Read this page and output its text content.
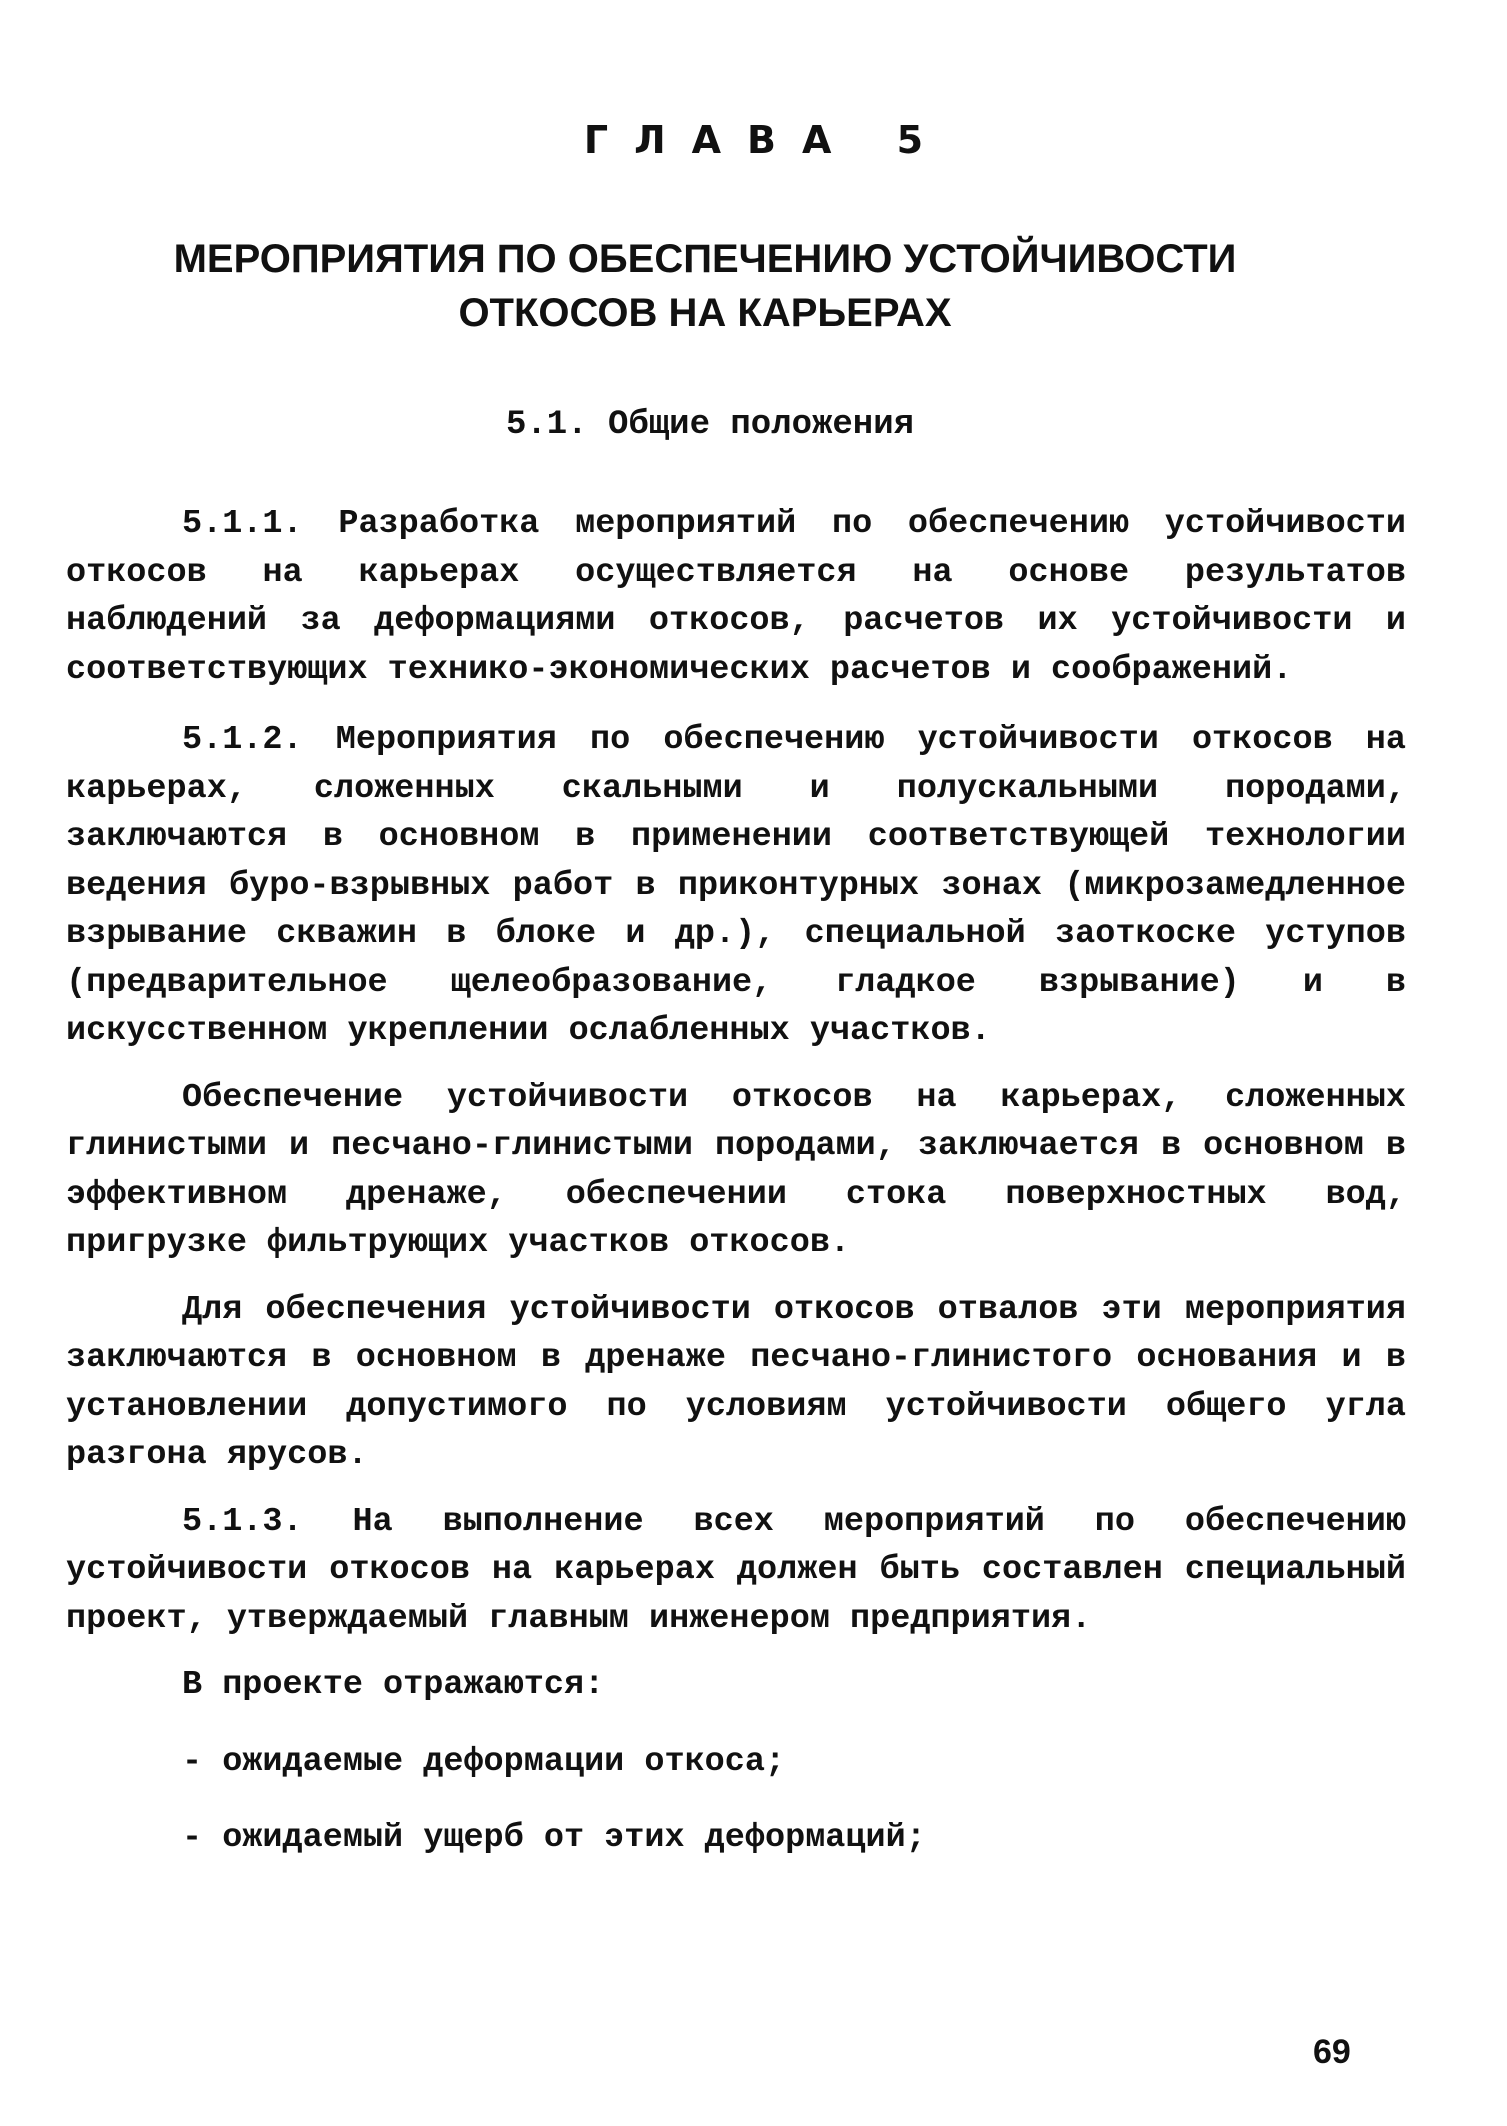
ГЛАВА 5
МЕРОПРИЯТИЯ ПО ОБЕСПЕЧЕНИЮ УСТОЙЧИВОСТИ
ОТКОСОВ НА КАРЬЕРАХ
5.1. Общие положения

5.1.1. Разработка мероприятий по обеспечению устойчивости откосов на карьерах осуществляется на основе результатов наблюдений за деформациями откосов, расчетов их устойчивости и соответствующих технико-экономических расчетов и соображений.

5.1.2. Мероприятия по обеспечению устойчивости откосов на карьерах, сложенных скальными и полускальными породами, заключаются в основном в применении соответствующей технологии ведения буро-взрывных работ в приконтурных зонах (микрозамедленное взрывание скважин в блоке и др.), специальной заоткоске уступов (предварительное щелеобразование, гладкое взрывание) и в искусственном укреплении ослабленных участков.

Обеспечение устойчивости откосов на карьерах, сложенных глинистыми и песчано-глинистыми породами, заключается в основном в эффективном дренаже, обеспечении стока поверхностных вод, пригрузке фильтрующих участков откосов.

Для обеспечения устойчивости откосов отвалов эти мероприятия заключаются в основном в дренаже песчано-глинистого основания и в установлении допустимого по условиям устойчивости общего угла разгона ярусов.

5.1.3. На выполнение всех мероприятий по обеспечению устойчивости откосов на карьерах должен быть составлен специальный проект, утверждаемый главным инженером предприятия.

В проекте отражаются:

- ожидаемые деформации откоса;
- ожидаемый ущерб от этих деформаций;
69
